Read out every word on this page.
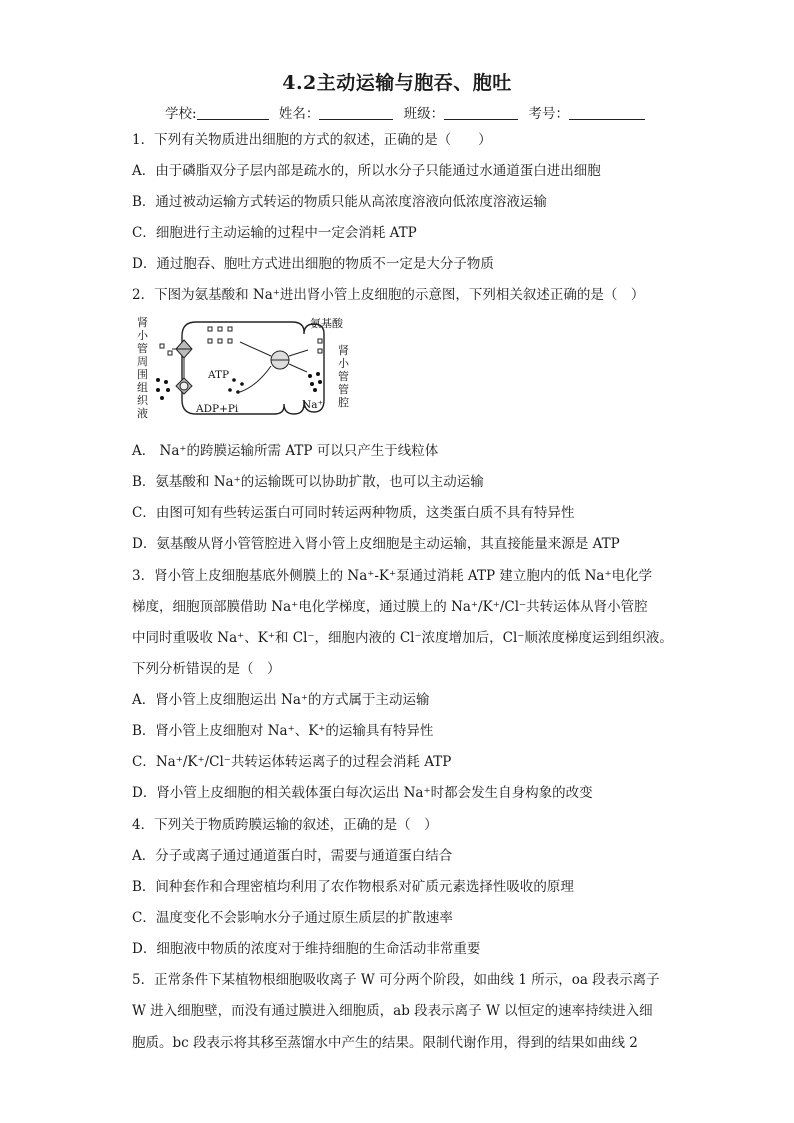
4.2主动运输与胞吞、胞吐
学校:	姓名：	班级：	考号：
1．下列有关物质进出细胞的方式的叙述，正确的是（　　）
A．由于磷脂双分子层内部是疏水的，所以水分子只能通过水通道蛋白进出细胞
B．通过被动运输方式转运的物质只能从高浓度溶液向低浓度溶液运输
C．细胞进行主动运输的过程中一定会消耗 ATP
D．通过胞吞、胞吐方式进出细胞的物质不一定是大分子物质
2．下图为氨基酸和 Na⁺进出肾小管上皮细胞的示意图，下列相关叙述正确的是（　）
肾
小
管
周
围
组
织
液
氨基酸
ATP
ADP+Pi	Na⁺
肾
小
管
管
腔
A． Na⁺的跨膜运输所需 ATP 可以只产生于线粒体
B．氨基酸和 Na⁺的运输既可以协助扩散，也可以主动运输
C．由图可知有些转运蛋白可同时转运两种物质，这类蛋白质不具有特异性
D．氨基酸从肾小管管腔进入肾小管上皮细胞是主动运输，其直接能量来源是 ATP
3．肾小管上皮细胞基底外侧膜上的 Na⁺-K⁺泵通过消耗 ATP 建立胞内的低 Na⁺电化学
梯度，细胞顶部膜借助 Na⁺电化学梯度，通过膜上的 Na⁺/K⁺/Cl⁻共转运体从肾小管腔
中同时重吸收 Na⁺、K⁺和 Cl⁻，细胞内液的 Cl⁻浓度增加后，Cl⁻顺浓度梯度运到组织液。
下列分析错误的是（　）
A．肾小管上皮细胞运出 Na⁺的方式属于主动运输
B．肾小管上皮细胞对 Na⁺、K⁺的运输具有特异性
C．Na⁺/K⁺/Cl⁻共转运体转运离子的过程会消耗 ATP
D．肾小管上皮细胞的相关载体蛋白每次运出 Na⁺时都会发生自身构象的改变
4．下列关于物质跨膜运输的叙述，正确的是（　）
A．分子或离子通过通道蛋白时，需要与通道蛋白结合
B．间种套作和合理密植均利用了农作物根系对矿质元素选择性吸收的原理
C．温度变化不会影响水分子通过原生质层的扩散速率
D．细胞液中物质的浓度对于维持细胞的生命活动非常重要
5．正常条件下某植物根细胞吸收离子 W 可分两个阶段，如曲线 1 所示，oa 段表示离子
W 进入细胞壁，而没有通过膜进入细胞质，ab 段表示离子 W 以恒定的速率持续进入细
胞质。bc 段表示将其移至蒸馏水中产生的结果。限制代谢作用，得到的结果如曲线 2
